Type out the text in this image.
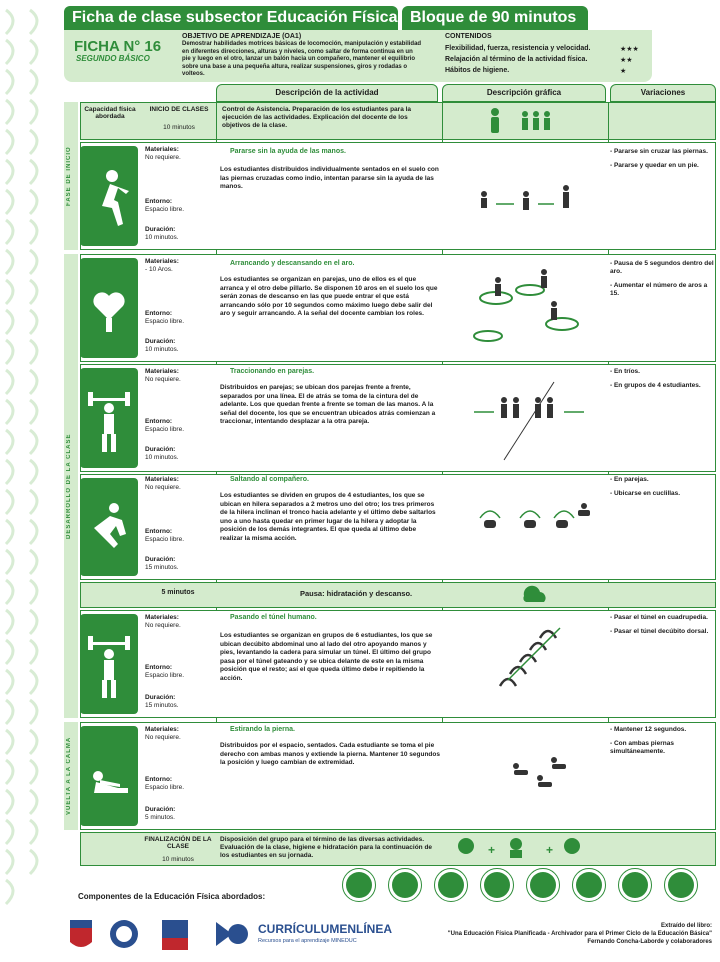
Ficha de clase subsector Educación Física Bloque de 90 minutos
FICHA N° 16
SEGUNDO BÁSICO
OBJETIVO DE APRENDIZAJE (OA1)
Demostrar habilidades motrices básicas de locomoción, manipulación y estabilidad en diferentes direcciones, alturas y niveles, como saltar de forma continua en un pie y luego en el otro, lanzar un balón hacia un compañero, mantener el equilibrio sobre una base a una pequeña altura, realizar suspensiones, giros y rodadas o volteos.
CONTENIDOS
Flexibilidad, fuerza, resistencia y velocidad.	★★★
Relajación al término de la actividad física.	★★
Hábitos de higiene.	★
Descripción de la actividad	Descripción gráfica	Variaciones
FASE DE INICIO
DESARROLLO DE LA CLASE
VUELTA A LA CALMA
Capacidad física abordada
INICIO DE CLASES
10 minutos
Control de Asistencia. Preparación de los estudiantes para la ejecución de las actividades. Explicación del docente de los objetivos de la clase.
Materiales:
No requiere.
Entorno:
Espacio libre.
Duración:
10 minutos.
Pararse sin la ayuda de las manos.
Los estudiantes distribuidos individualmente sentados en el suelo con las piernas cruzadas como indio, intentan pararse sin la ayuda de las manos.
- Pararse sin cruzar las piernas.
- Pararse y quedar en un pie.
Materiales:
- 10 Aros.
Entorno:
Espacio libre.
Duración:
10 minutos.
Arrancando y descansando en el aro.
Los estudiantes se organizan en parejas, uno de ellos es el que arranca y el otro debe pillarlo. Se disponen 10 aros en el suelo los que serán zonas de descanso en las que puede entrar el que está arrancando sólo por 10 segundos como máximo luego debe salir del aro y seguir arrancando. A la señal del docente cambian los roles.
- Pausa de 5 segundos dentro del aro.
- Aumentar el número de aros a 15.
Materiales:
No requiere.
Entorno:
Espacio libre.
Duración:
10 minutos.
Traccionando en parejas.
Distribuidos en parejas; se ubican dos parejas frente a frente, separados por una línea. El de atrás se toma de la cintura del de adelante. Los que quedan frente a frente se toman de las manos. A la señal del docente, los que se encuentran ubicados atrás comienzan a traccionar, intentando desplazar a la otra pareja.
- En tríos.
- En grupos de 4 estudiantes.
Materiales:
No requiere.
Entorno:
Espacio libre.
Duración:
15 minutos.
Saltando al compañero.
Los estudiantes se dividen en grupos de 4 estudiantes, los que se ubican en hilera separados a 2 metros uno del otro; los tres primeros de la hilera inclinan el tronco hacia adelante y el último debe saltarlos uno a uno hasta quedar en primer lugar de la hilera y adoptar la posición de los demás integrantes. El que queda al último debe realizar la misma acción.
- En parejas.
- Ubicarse en cuclillas.
5 minutos	Pausa: hidratación y descanso.
Materiales:
No requiere.
Entorno:
Espacio libre.
Duración:
15 minutos.
Pasando el túnel humano.
Los estudiantes se organizan en grupos de 6 estudiantes, los que se ubican decúbito abdominal uno al lado del otro apoyando manos y pies, levantando la cadera para simular un túnel. El último del grupo pasa por el túnel gateando y se ubica delante de este en la misma posición que el resto; así el que queda último debe ir repitiendo la acción.
- Pasar el túnel en cuadrupedia.
- Pasar el túnel decúbito dorsal.
Materiales:
No requiere.
Entorno:
Espacio libre.
Duración:
5 minutos.
Estirando la pierna.
Distribuidos por el espacio, sentados. Cada estudiante se toma el pie derecho con ambas manos y extiende la pierna. Mantener 10 segundos la posición y luego cambian de extremidad.
- Mantener 12 segundos.
- Con ambas piernas simultáneamente.
FINALIZACIÓN DE LA CLASE
10 minutos
Disposición del grupo para el término de las diversas actividades. Evaluación de la clase, higiene e hidratación para la continuación de los estudiantes en su jornada.	+	+
Componentes de la Educación Física abordados:
CURRÍCULUMENLÍNEA
Recursos para el aprendizaje MINEDUC
Extraído del libro:
"Una Educación Física Planificada - Archivador para el Primer Ciclo de la Educación Básica"
Fernando Concha-Laborde y colaboradores
